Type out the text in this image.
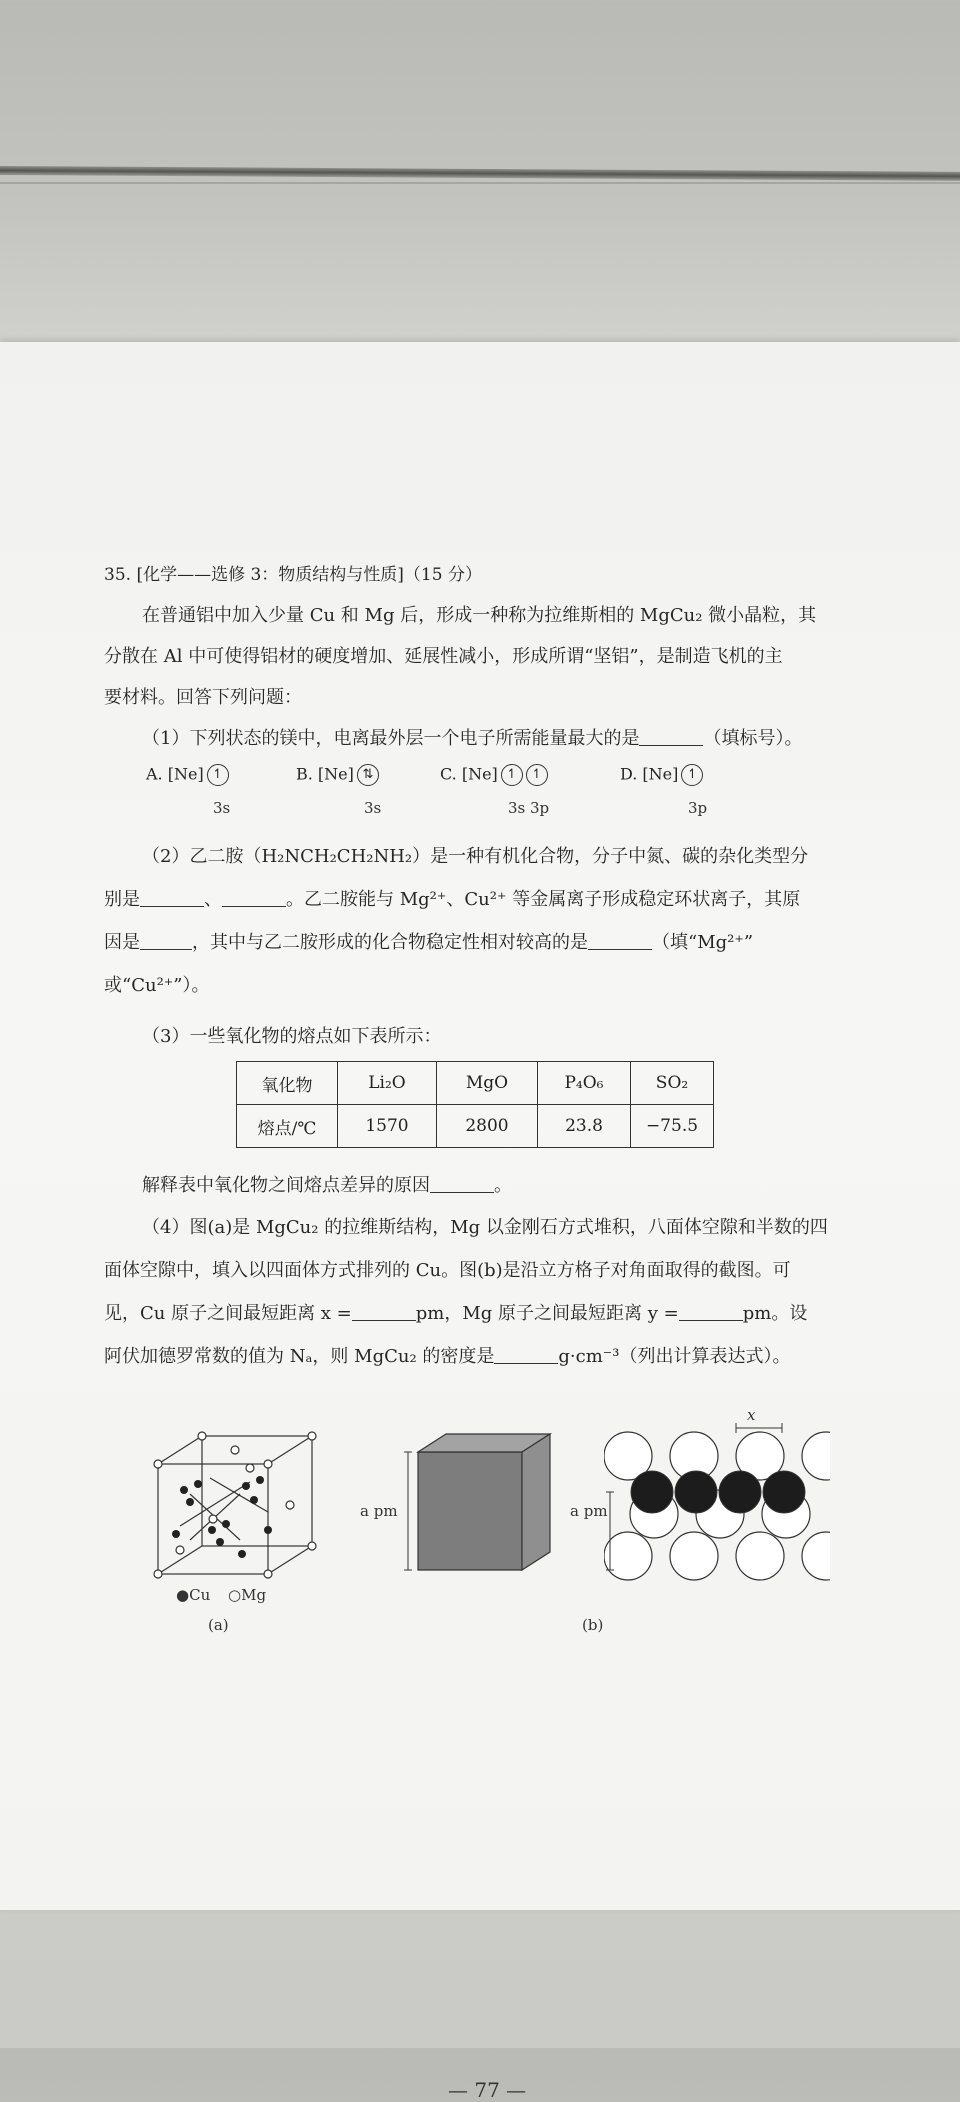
35. [化学——选修 3：物质结构与性质]（15 分）
在普通铝中加入少量 Cu 和 Mg 后，形成一种称为拉维斯相的 MgCu₂ 微小晶粒，其
分散在 Al 中可使得铝材的硬度增加、延展性减小，形成所谓“坚铝”，是制造飞机的主
要材料。回答下列问题：
（1）下列状态的镁中，电离最外层一个电子所需能量最大的是	（填标号）。
A. [Ne] ↿
3s
B. [Ne] ⇅
3s
C. [Ne] ↿ ↿
3s 3p
D. [Ne] ↿
3p
（2）乙二胺（H₂NCH₂CH₂NH₂）是一种有机化合物，分子中氮、碳的杂化类型分
别是	、	。乙二胺能与 Mg²⁺、Cu²⁺ 等金属离子形成稳定环状离子，其原
因是	，其中与乙二胺形成的化合物稳定性相对较高的是	（填“Mg²⁺”
或“Cu²⁺”）。
（3）一些氧化物的熔点如下表所示：
解释表中氧化物之间熔点差异的原因	。
（4）图(a)是 MgCu₂ 的拉维斯结构，Mg 以金刚石方式堆积，八面体空隙和半数的四
面体空隙中，填入以四面体方式排列的 Cu。图(b)是沿立方格子对角面取得的截图。可
见，Cu 原子之间最短距离 x =	pm，Mg 原子之间最短距离 y =	pm。设
阿伏加德罗常数的值为 Nₐ，则 MgCu₂ 的密度是	g·cm⁻³（列出计算表达式）。
●Cu ○Mg
(a)
a pm	a pm
x
(b)
— 77 —
氧化物	Li₂O	MgO	P₄O₆	SO₂
熔点/℃	1570	2800	23.8	−75.5
